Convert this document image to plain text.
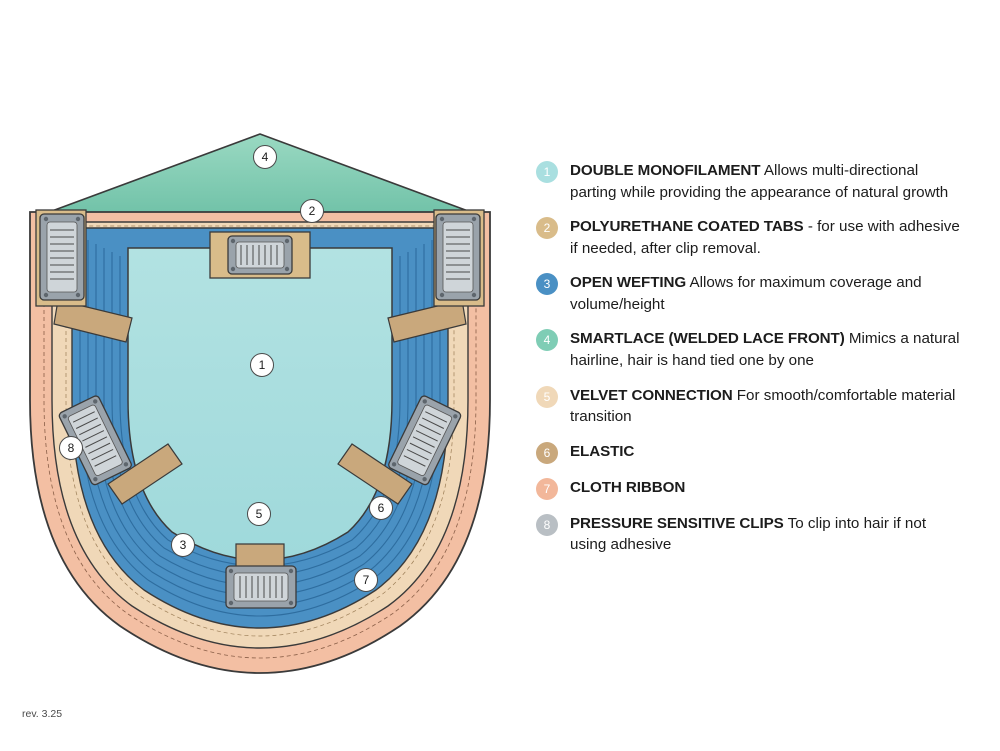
1
2
3
4
5	6
7
8
1	DOUBLE MONOFILAMENT Allows multi-directional parting while providing the appearance of natural growth
2	POLYURETHANE COATED TABS - for use with adhesive if needed, after clip removal.
3	OPEN WEFTING Allows for maximum coverage and volume/height
4	SMARTLACE (WELDED LACE FRONT) Mimics a natural hairline, hair is hand tied one by one
5	VELVET CONNECTION For smooth/comfortable material transition
6	ELASTIC
7	CLOTH RIBBON
8	PRESSURE SENSITIVE CLIPS To clip into hair if not using adhesive
rev. 3.25
